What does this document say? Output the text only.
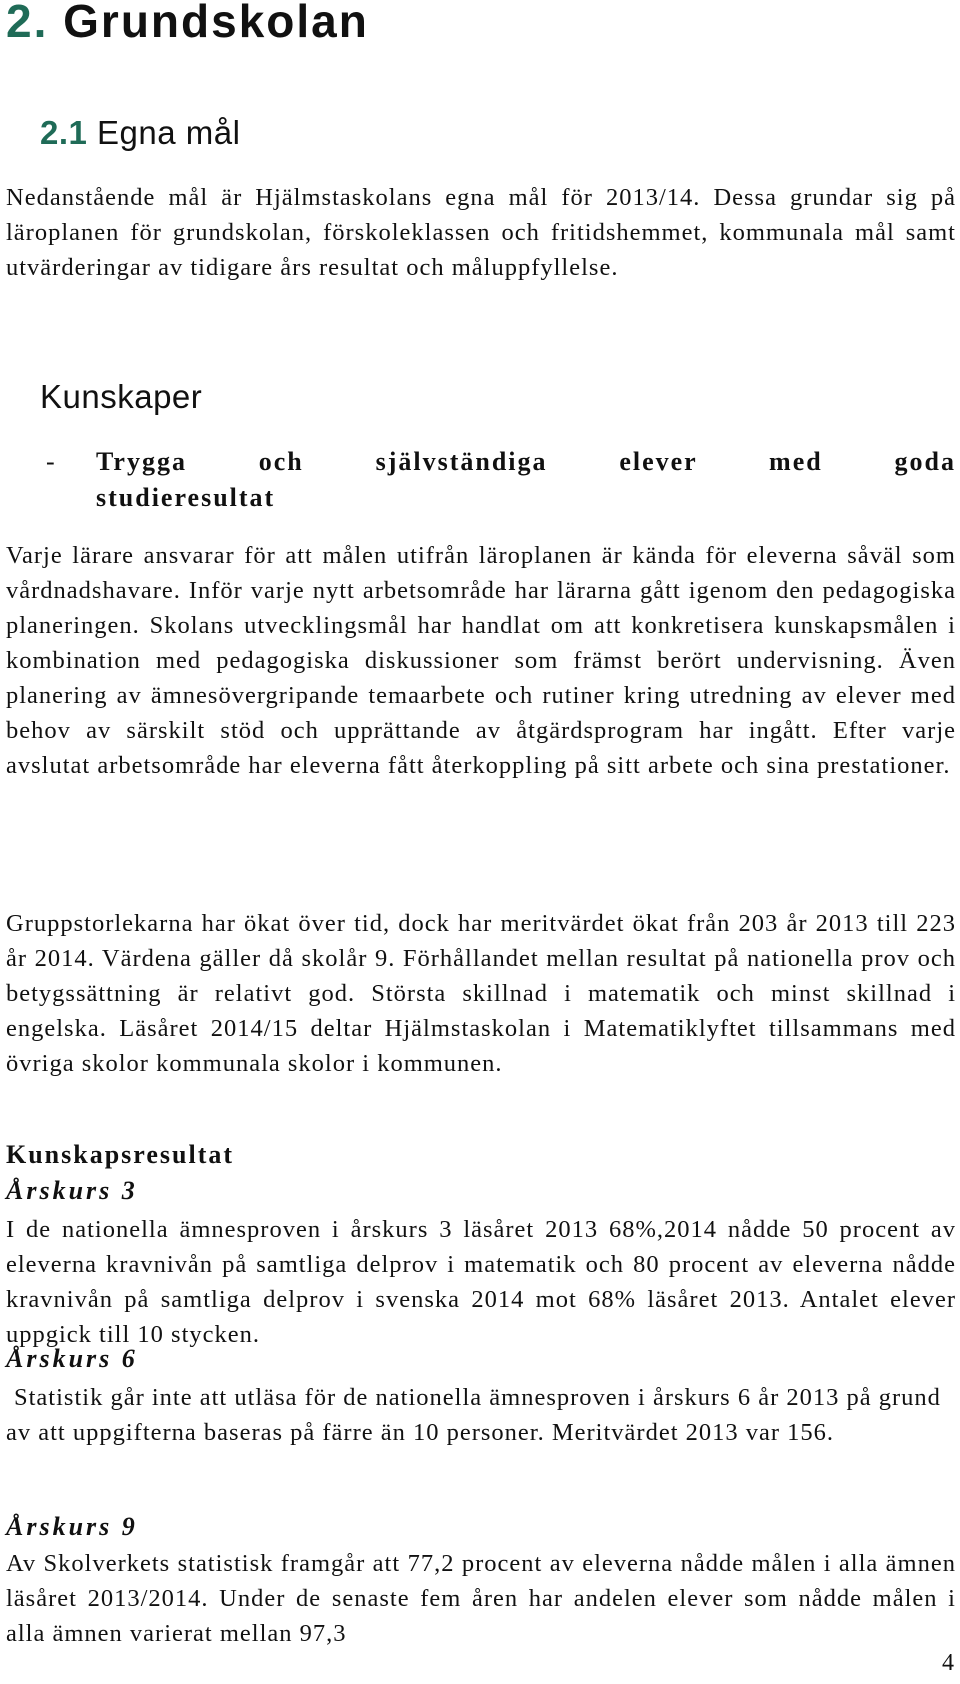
2. Grundskolan
2.1 Egna mål

Nedanstående mål är Hjälmstaskolans egna mål för 2013/14. Dessa grundar sig på läroplanen för grundskolan, förskoleklassen och fritidshemmet, kommunala mål samt utvärderingar av tidigare års resultat och måluppfyllelse.

Kunskaper
- Trygga och självständiga elever med goda studieresultat

Varje lärare ansvarar för att målen utifrån läroplanen är kända för eleverna såväl som vårdnadshavare. Inför varje nytt arbetsområde har lärarna gått igenom den pedagogiska planeringen. Skolans utvecklingsmål har handlat om att konkretisera kunskapsmålen i kombination med pedagogiska diskussioner som främst berört undervisning. Även planering av ämnesövergripande temaarbete och rutiner kring utredning av elever med behov av särskilt stöd och upprättande av åtgärdsprogram har ingått. Efter varje avslutat arbetsområde har eleverna fått återkoppling på sitt arbete och sina prestationer.

Gruppstorlekarna har ökat över tid, dock har meritvärdet ökat från 203 år 2013 till 223 år 2014. Värdena gäller då skolår 9. Förhållandet mellan resultat på nationella prov och betygssättning är relativt god. Största skillnad i matematik och minst skillnad i engelska. Läsåret 2014/15 deltar Hjälmstaskolan i Matematiklyftet tillsammans med övriga skolor kommunala skolor i kommunen.

Kunskapsresultat

Årskurs 3

I de nationella ämnesproven i årskurs 3 läsåret 2013 68%,2014 nådde 50 procent av eleverna kravnivån på samtliga delprov i matematik och 80 procent av eleverna nådde kravnivån på samtliga delprov i svenska 2014 mot 68% läsåret 2013. Antalet elever uppgick till 10 stycken.

Årskurs 6

Statistik går inte att utläsa för de nationella ämnesproven i årskurs 6 år 2013 på grund av att uppgifterna baseras på färre än 10 personer. Meritvärdet 2013 var 156.

Årskurs 9

Av Skolverkets statistisk framgår att 77,2 procent av eleverna nådde målen i alla ämnen läsåret 2013/2014. Under de senaste fem åren har andelen elever som nådde målen i alla ämnen varierat mellan 97,3

4
